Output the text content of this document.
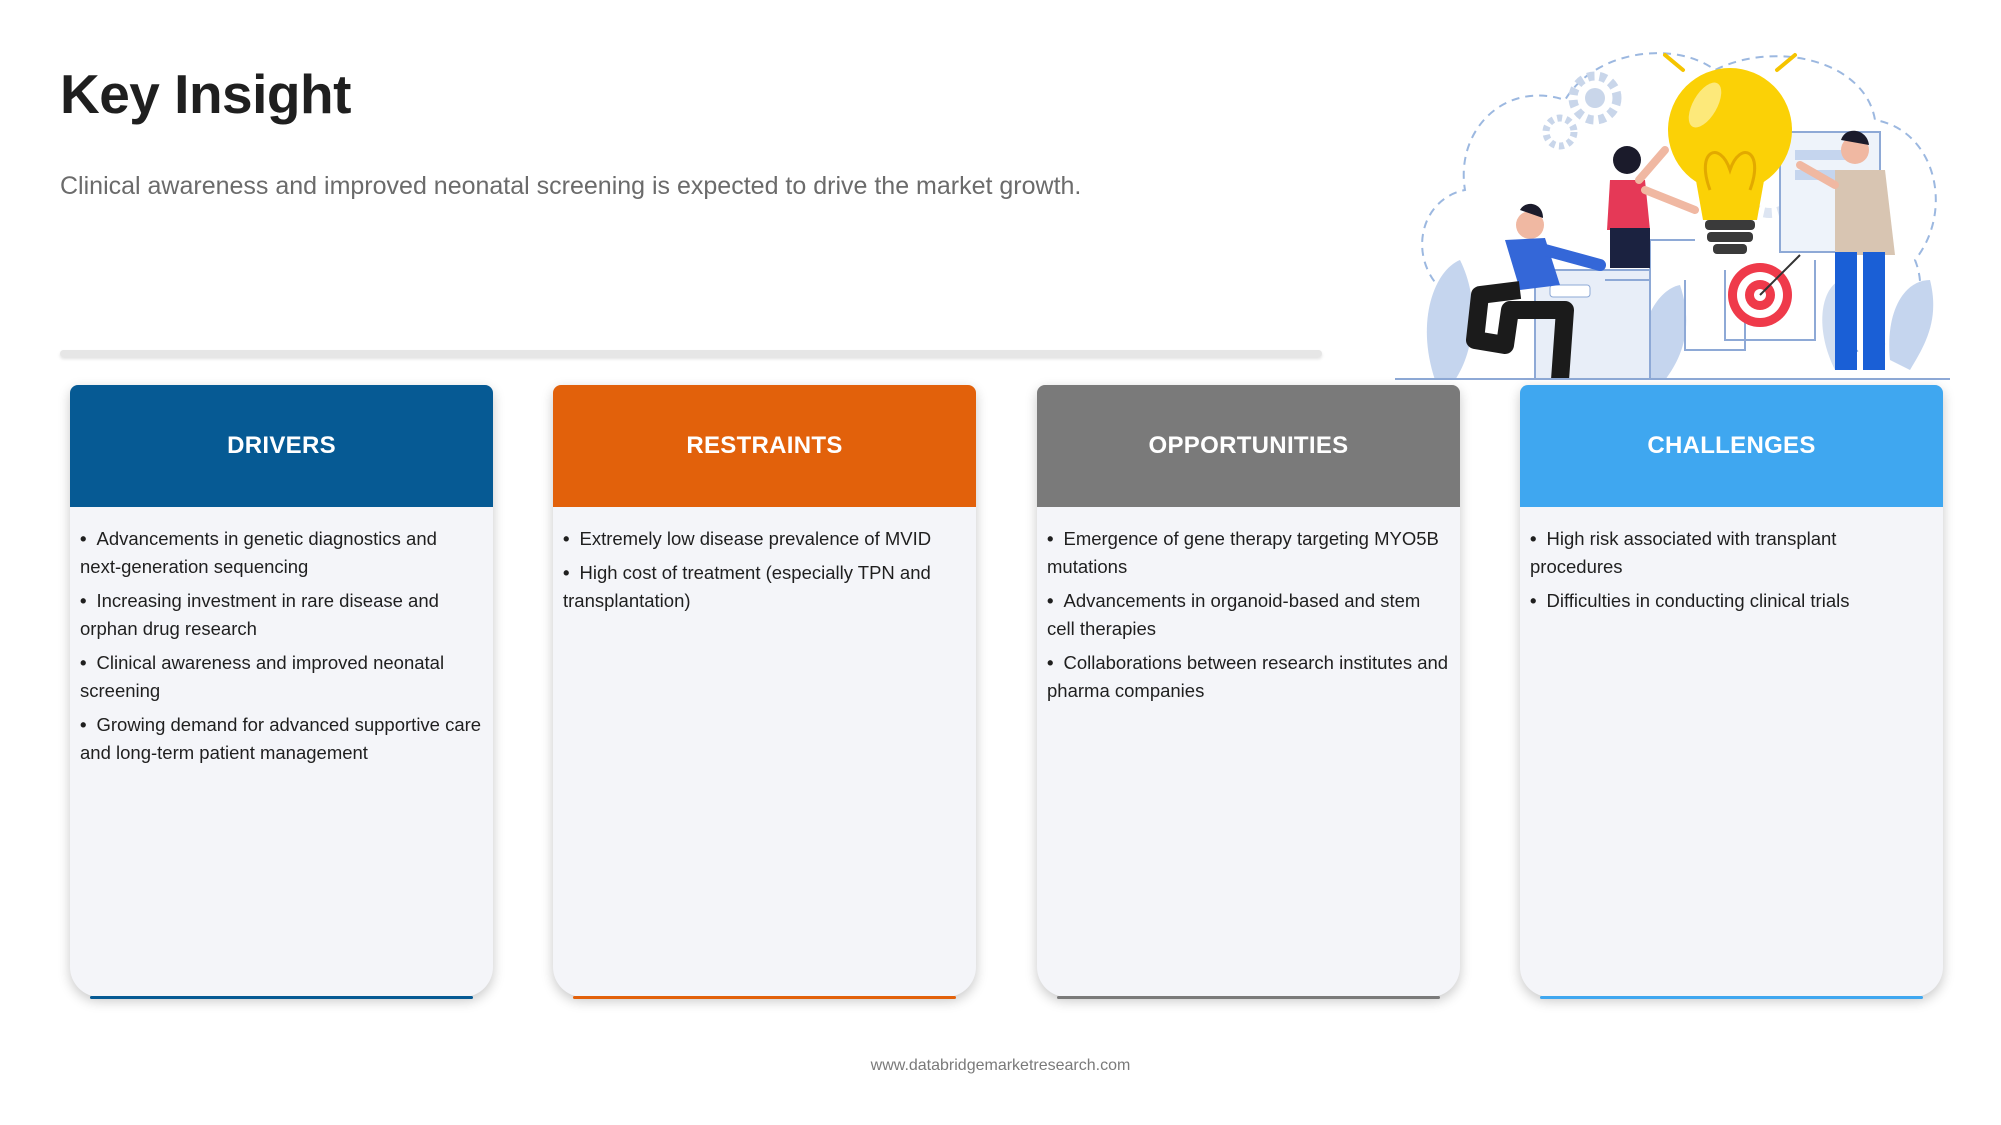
Key Insight

Clinical awareness and improved neonatal screening is expected to drive the market growth.

DRIVERS
• Advancements in genetic diagnostics and next-generation sequencing
• Increasing investment in rare disease and orphan drug research
• Clinical awareness and improved neonatal screening
• Growing demand for advanced supportive care and long-term patient management
RESTRAINTS
• Extremely low disease prevalence of MVID
• High cost of treatment (especially TPN and transplantation)
OPPORTUNITIES
• Emergence of gene therapy targeting MYO5B mutations
• Advancements in organoid-based and stem cell therapies
• Collaborations between research institutes and pharma companies
CHALLENGES
• High risk associated with transplant procedures
• Difficulties in conducting clinical trials
www.databridgemarketresearch.com
